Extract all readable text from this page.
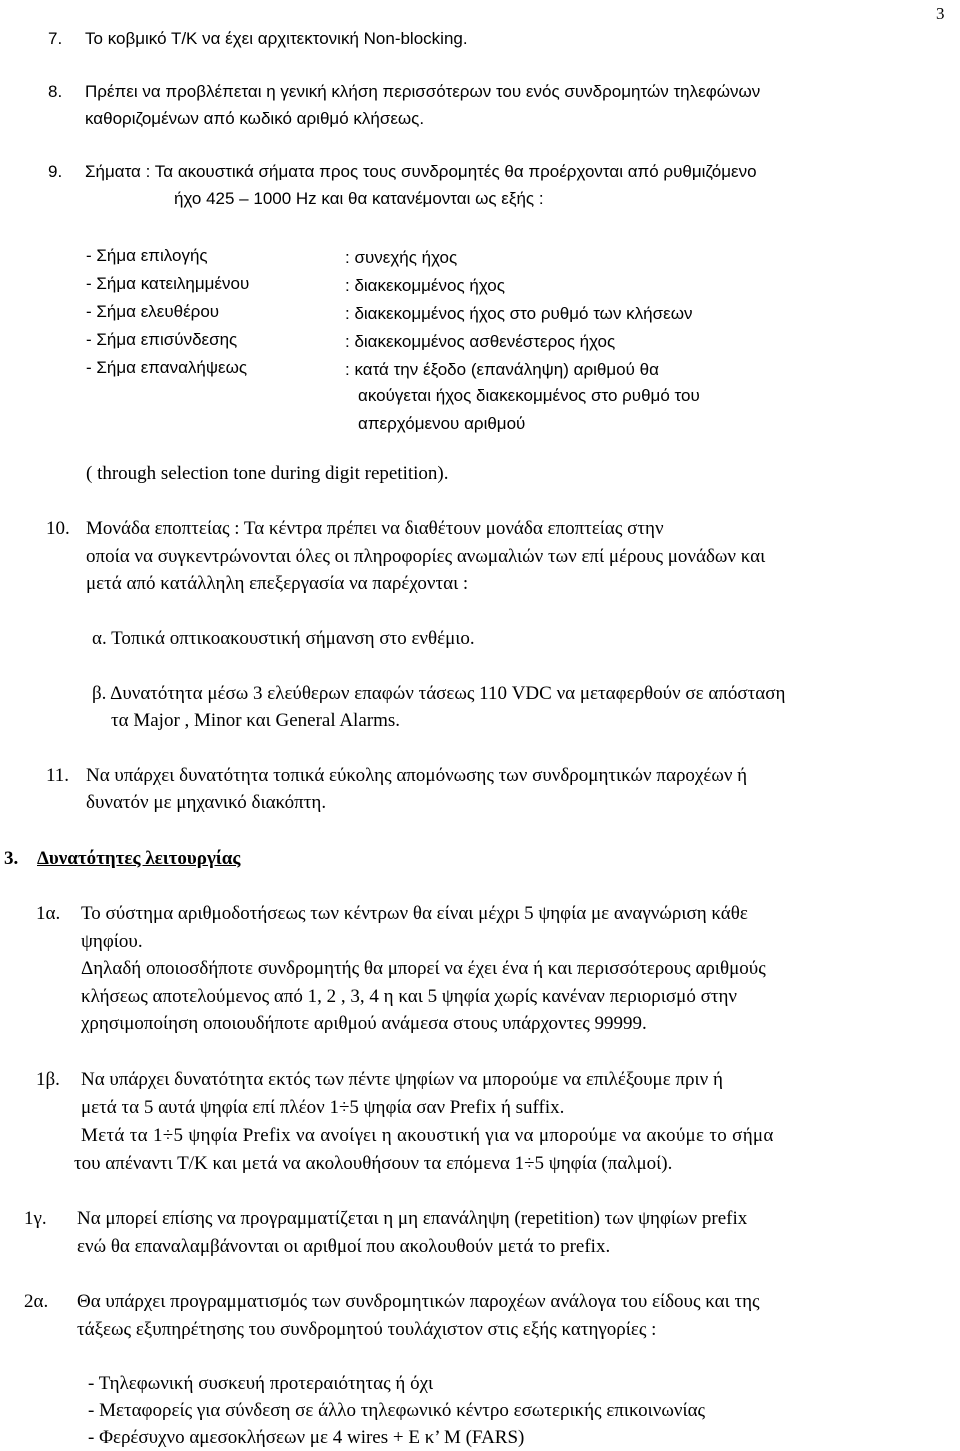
3
7. Το κοβμικό Τ/Κ να έχει αρχιτεκτονική Non-blocking.
8. Πρέπει να προβλέπεται η γενική κλήση περισσότερων του ενός συνδρομητών τηλεφώνων
καθοριζομένων από κωδικό αριθμό κλήσεως.
9. Σήματα : Τα ακουστικά σήματα προς τους συνδρομητές θα προέρχονται από ρυθμιζόμενο
ήχο 425 – 1000 Hz και θα κατανέμονται ως εξής :
- Σήμα επιλογής	: συνεχής ήχος
- Σήμα κατειλημμένου	: διακεκομμένος ήχος
- Σήμα ελευθέρου	: διακεκομμένος ήχος στο ρυθμό των κλήσεων
- Σήμα επισύνδεσης	: διακεκομμένος ασθενέστερος ήχος
- Σήμα επαναλήψεως	: κατά την έξοδο (επανάληψη) αριθμού θα
ακούγεται ήχος διακεκομμένος στο ρυθμό του
απερχόμενου αριθμού
( through selection tone during digit repetition).
10. Μονάδα εποπτείας : Τα κέντρα πρέπει να διαθέτουν μονάδα εποπτείας στην
οποία να συγκεντρώνονται όλες οι πληροφορίες ανωμαλιών των επί μέρους μονάδων και
μετά από κατάλληλη επεξεργασία να παρέχονται :
α. Τοπικά οπτικοακουστική σήμανση στο ενθέμιο.
β. Δυνατότητα μέσω 3 ελεύθερων επαφών τάσεως 110 VDC να μεταφερθούν σε απόσταση
τα Major , Minor και General Alarms.
11. Να υπάρχει δυνατότητα τοπικά εύκολης απομόνωσης των συνδρομητικών παροχέων ή
δυνατόν με μηχανικό διακόπτη.
3. Δυνατότητες λειτουργίας
1α. Το σύστημα αριθμοδοτήσεως των κέντρων θα είναι μέχρι 5 ψηφία με αναγνώριση κάθε
ψηφίου.
Δηλαδή οποιοσδήποτε συνδρομητής θα μπορεί να έχει ένα ή και περισσότερους αριθμούς
κλήσεως αποτελούμενος από 1, 2 , 3, 4 η και 5 ψηφία χωρίς κανέναν περιορισμό στην
χρησιμοποίηση οποιουδήποτε αριθμού ανάμεσα στους υπάρχοντες 99999.
1β. Να υπάρχει δυνατότητα εκτός των πέντε ψηφίων να μπορούμε να επιλέξουμε πριν ή
μετά τα 5 αυτά ψηφία επί πλέον 1÷5 ψηφία σαν Prefix ή suffix.
Μετά τα 1÷5 ψηφία Prefix να ανοίγει η ακουστική για να μπορούμε να ακούμε το σήμα
του απέναντι Τ/Κ και μετά να ακολουθήσουν τα επόμενα 1÷5 ψηφία (παλμοί).
1γ. Να μπορεί επίσης να προγραμματίζεται η μη επανάληψη (repetition) των ψηφίων prefix
ενώ θα επαναλαμβάνονται οι αριθμοί που ακολουθούν μετά το prefix.
2α. Θα υπάρχει προγραμματισμός των συνδρομητικών παροχέων ανάλογα του είδους και της
τάξεως εξυπηρέτησης του συνδρομητού τουλάχιστον στις εξής κατηγορίες :
- Τηλεφωνική συσκευή προτεραιότητας ή όχι
- Μεταφορείς για σύνδεση σε άλλο τηλεφωνικό κέντρο εσωτερικής επικοινωνίας
- Φερέσυχνο αμεσοκλήσεων με 4 wires + E κ’ M (FARS)
